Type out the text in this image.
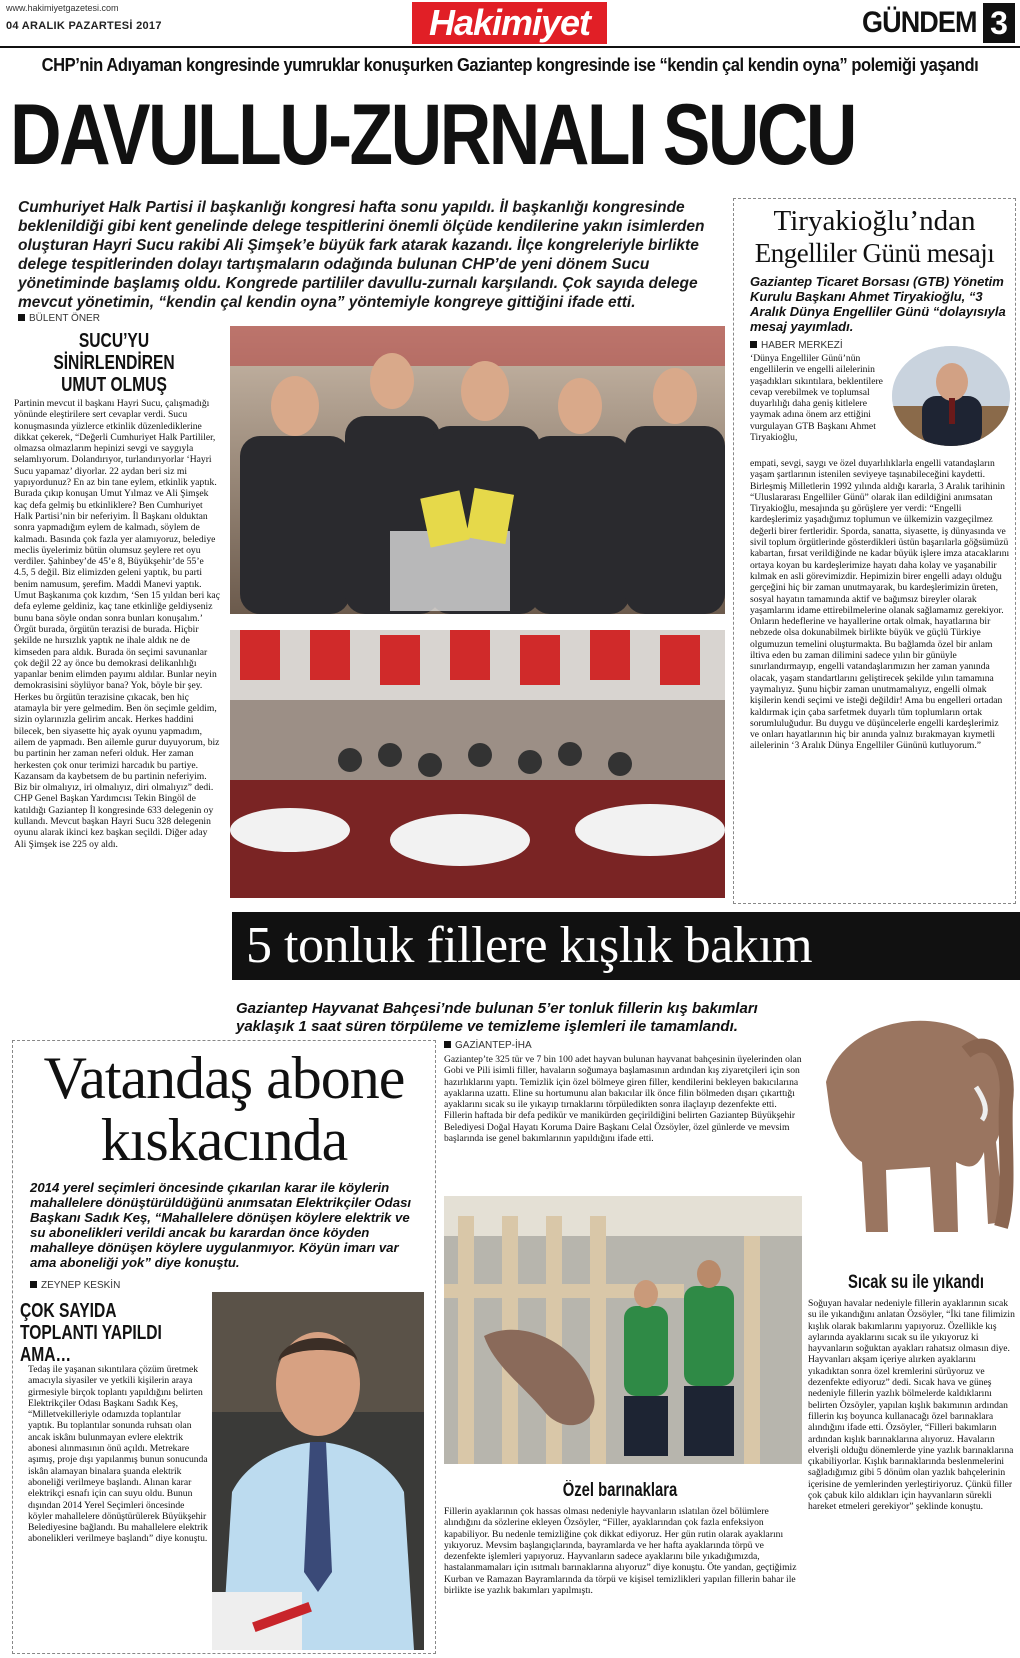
www.hakimiyetgazetesi.com
04 ARALIK PAZARTESİ 2017	Hakimiyet	GÜNDEM 3
CHP’nin Adıyaman kongresinde yumruklar konuşurken Gaziantep kongresinde ise “kendin çal kendin oyna” polemiği yaşandı
DAVULLU-ZURNALI SUCU
Cumhuriyet Halk Partisi il başkanlığı kongresi hafta sonu yapıldı. İl başkanlığı kongresinde beklenildiği gibi kent genelinde delege tespitlerini önemli ölçüde kendilerine yakın isimlerden oluşturan Hayri Sucu rakibi Ali Şimşek’e büyük fark atarak kazandı. İlçe kongreleriyle birlikte delege tespitlerinden dolayı tartışmaların odağında bulunan CHP’de yeni dönem Sucu yönetiminde başlamış oldu. Kongrede partililer davullu-zurnalı karşılandı. Çok sayıda delege mevcut yönetimin, “kendin çal kendin oyna” yöntemiyle kongreye gittiğini ifade etti.
BÜLENT ÖNER
SUCU’YU SİNİRLENDİREN UMUT OLMUŞ
Partinin mevcut il başkanı Hayri Sucu, çalışmadığı yönünde eleştirilere sert cevaplar verdi. Sucu konuşmasında yüzlerce etkinlik düzenlediklerine dikkat çekerek, “Değerli Cumhuriyet Halk Partililer, olmazsa olmazlarım hepinizi sevgi ve saygıyla selamlıyorum. Dolandırıyor, turlandırıyorlar ‘Hayri Sucu yapamaz’ diyorlar. 22 aydan beri siz mi yapıyordunuz? En az bin tane eylem, etkinlik yaptık. Burada çıkıp konuşan Umut Yılmaz ve Ali Şimşek kaç defa gelmiş bu etkinliklere? Ben Cumhuriyet Halk Partisi’nin bir neferiyim. İl Başkanı olduktan sonra yapmadığım eylem de kalmadı, söylem de kalmadı. Basında çok fazla yer alamıyoruz, belediye meclis üyelerimiz bütün olumsuz şeylere ret oyu verdiler. Şahinbey’de 45’e 8, Büyükşehir’de 55’e 4.5, 5 değil. Biz elimizden geleni yaptık, bu parti benim namusum, şerefim. Maddi Manevi yaptık. Umut Başkanıma çok kızdım, ‘Sen 15 yıldan beri kaç defa eyleme geldiniz, kaç tane etkinliğe geldiyseniz bunu bana söyle ondan sonra bunları konuşalım.’ Örgüt burada, örgütün terazisi de burada. Hiçbir şekilde ne hırsızlık yaptık ne ihale aldık ne de kimseden para aldık. Burada ön seçimi savunanlar çok değil 22 ay önce bu demokrasi delikanlılığı yapanlar benim elimden payımı aldılar. Bunlar neyin demokrasisini söylüyor bana? Yok, böyle bir şey. Herkes bu örgütün terazisine çıkacak, ben hiç atamayla bir yere gelmedim. Ben ön seçimle geldim, sizin oylarınızla gelirim ancak. Herkes haddini bilecek, ben siyasette hiç ayak oyunu yapmadım, ailem de yapmadı. Ben ailemle gurur duyuyorum, biz bu partinin her zaman neferi olduk. Her zaman herkesten çok onur terimizi harcadık bu partiye. Kazansam da kaybetsem de bu partinin neferiyim. Biz bir olmalıyız, iri olmalıyız, diri olmalıyız” dedi. CHP Genel Başkan Yardımcısı Tekin Bingöl de katıldığı Gaziantep İl kongresinde 633 delegenin oy kullandı. Mevcut başkan Hayri Sucu 328 delegenin oyunu alarak ikinci kez başkan seçildi. Diğer aday Ali Şimşek ise 225 oy aldı.
Tiryakioğlu’ndan
Engelliler Günü mesajı
Gaziantep Ticaret Borsası (GTB) Yönetim Kurulu Başkanı Ahmet Tiryakioğlu, “3 Aralık Dünya Engelliler Günü “dolayısıyla mesaj yayımladı.
HABER MERKEZİ
‘Dünya Engelliler Günü’nün engellilerin ve engelli ailelerinin yaşadıkları sıkıntılara, beklentilere cevap verebilmek ve toplumsal duyarlılığı daha geniş kitlelere yaymak adına önem arz ettiğini vurgulayan GTB Başkanı Ahmet Tiryakioğlu,
empati, sevgi, saygı ve özel duyarlılıklarla engelli vatandaşların yaşam şartlarının istenilen seviyeye taşınabileceğini kaydetti. Birleşmiş Milletlerin 1992 yılında aldığı kararla, 3 Aralık tarihinin “Uluslararası Engelliler Günü” olarak ilan edildiğini anımsatan Tiryakioğlu, mesajında şu görüşlere yer verdi: “Engelli kardeşlerimiz yaşadığımız toplumun ve ülkemizin vazgeçilmez değerli birer fertleridir. Sporda, sanatta, siyasette, iş dünyasında ve sivil toplum örgütlerinde gösterdikleri üstün başarılarla göğsümüzü kabartan, fırsat verildiğinde ne kadar büyük işlere imza atacaklarını ortaya koyan bu kardeşlerimize hayatı daha kolay ve yaşanabilir kılmak en asli görevimizdir. Hepimizin birer engelli adayı olduğu gerçeğini hiç bir zaman unutmayarak, bu kardeşlerimizin üreten, sosyal hayatın tamamında aktif ve bağımsız bireyler olarak yaşamlarını idame ettirebilmelerine olanak sağlamamız gerekiyor. Onların hedeflerine ve hayallerine ortak olmak, hayatlarına bir nebzede olsa dokunabilmek birlikte büyük ve güçlü Türkiye olgumuzun temelini oluşturmakta. Bu bağlamda özel bir anlam iltiva eden bu zaman dilimini sadece yılın bir günüyle sınırlandırmayıp, engelli vatandaşlarımızın her zaman yanında olacak, yaşam standartlarını geliştirecek şekilde yılın tamamına yaymalıyız. Şunu hiçbir zaman unutmamalıyız, engelli olmak kişilerin kendi seçimi ve isteği değildir! Ama bu engelleri ortadan kaldırmak için çaba sarfetmek duyarlı tüm toplumların ortak sorumluluğudur. Bu duygu ve düşüncelerle engelli kardeşlerimiz ve onları hayatlarının hiç bir anında yalnız bırakmayan kıymetli ailelerinin ‘3 Aralık Dünya Engelliler Gününü kutluyorum.”
5 tonluk fillere kışlık bakım
Gaziantep Hayvanat Bahçesi’nde bulunan 5’er tonluk fillerin kış bakımları yaklaşık 1 saat süren törpüleme ve temizleme işlemleri ile tamamlandı.
GAZİANTEP-İHA
Gaziantep’te 325 tür ve 7 bin 100 adet hayvan bulunan hayvanat bahçesinin üyelerinden olan Gobi ve Pili isimli filler, havaların soğumaya başlamasının ardından kış ziyaretçileri için son hazırlıklarını yaptı. Temizlik için özel bölmeye giren filler, kendilerini bekleyen bakıcılarına ayaklarına uzattı. Eline su hortumunu alan bakıcılar ilk önce filin bölmeden dışarı çıkarttığı ayaklarını sıcak su ile yıkayıp tırnaklarını törpüledikten sonra ilaçlayıp dezenfekte etti. Fillerin haftada bir defa pedikür ve manikürden geçirildiğini belirten Gaziantep Büyükşehir Belediyesi Doğal Hayatı Koruma Daire Başkanı Celal Özsöyler, özel günlerde ve mevsim başlarında ise genel bakımlarının yapıldığını ifade etti.
Sıcak su ile yıkandı
Soğuyan havalar nedeniyle fillerin ayaklarının sıcak su ile yıkandığını anlatan Özsöyler, “İki tane filimizin kışlık olarak bakımlarını yapıyoruz. Özellikle kış aylarında ayaklarını sıcak su ile yıkıyoruz ki hayvanların soğuktan ayakları rahatsız olmasın diye. Hayvanları akşam içeriye alırken ayaklarını yıkadıktan sonra özel kremlerini sürüyoruz ve dezenfekte ediyoruz” dedi. Sıcak hava ve güneş nedeniyle fillerin yazlık bölmelerde kaldıklarını belirten Özsöyler, yapılan kışlık bakımının ardından fillerin kış boyunca kullanacağı özel barınaklara alındığını ifade etti. Özsöyler, “Filleri bakımların ardından kışlık barınaklarına alıyoruz. Havaların elverişli olduğu dönemlerde yine yazlık barınaklarına çıkabiliyorlar. Kışlık barınaklarında beslenmelerini sağladığımız gibi 5 dönüm olan yazlık bahçelerinin içerisine de yemlerinden yerleştiriyoruz. Çünkü filler çok çabuk kilo aldıkları için hayvanların sürekli hareket etmeleri gerekiyor” şeklinde konuştu.
Özel barınaklara
Fillerin ayaklarının çok hassas olması nedeniyle hayvanların ıslatılan özel bölümlere alındığını da sözlerine ekleyen Özsöyler, “Filler, ayaklarından çok fazla enfeksiyon kapabiliyor. Bu nedenle temizliğine çok dikkat ediyoruz. Her gün rutin olarak ayaklarını yıkıyoruz. Mevsim başlangıçlarında, bayramlarda ve her hafta ayaklarında törpü ve dezenfekte işlemleri yapıyoruz. Hayvanların sadece ayaklarını bile yıkadığımızda, hastalanmamaları için ısıtmalı barınaklarına alıyoruz” diye konuştu. Öte yandan, geçtiğimiz Kurban ve Ramazan Bayramlarında da törpü ve kişisel temizlikleri yapılan fillerin bahar ile birlikte ise yazlık bakımları yapılmıştı.
Vatandaş abone
kıskacında
2014 yerel seçimleri öncesinde çıkarılan karar ile köylerin mahallelere dönüştürüldüğünü anımsatan Elektrikçiler Odası Başkanı Sadık Keş, “Mahallelere dönüşen köylere elektrik ve su abonelikleri verildi ancak bu karardan önce köyden mahalleye dönüşen köylere uygulanmıyor. Köyün imarı var ama aboneliği yok” diye konuştu.
ZEYNEP KESKİN
ÇOK SAYIDA TOPLANTI YAPILDI AMA…
Tedaş ile yaşanan sıkıntılara çözüm üretmek amacıyla siyasiler ve yetkili kişilerin araya girmesiyle birçok toplantı yapıldığını belirten Elektrikçiler Odası Başkanı Sadık Keş, “Milletvekilleriyle odamızda toplantılar yaptık. Bu toplantılar sonunda ruhsatı olan ancak iskânı bulunmayan evlere elektrik abonesi alınmasının önü açıldı. Metrekare aşımış, proje dışı yapılanmış bunun sonucunda iskân alamayan binalara şuanda elektrik aboneliği verilmeye başlandı. Alınan karar elektrikçi esnafı için can suyu oldu. Bunun dışından 2014 Yerel Seçimleri öncesinde köyler mahallelere dönüştürülerek Büyükşehir Belediyesine bağlandı. Bu mahallelere elektrik abonelikleri verilmeye başlandı” diye konuştu.
